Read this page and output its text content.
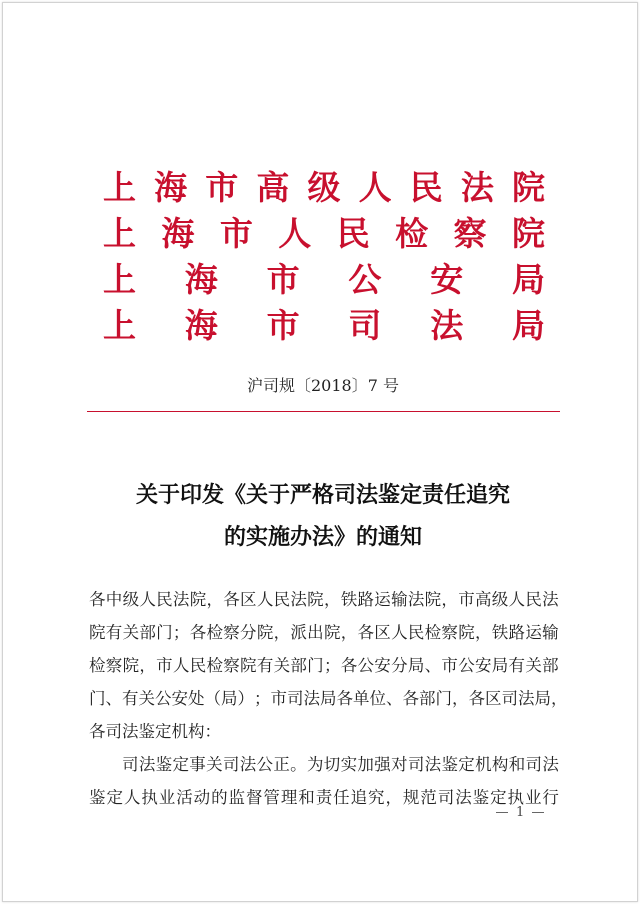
上 海 市 高 级 人 民 法 院
上 海 市 人 民 检 察 院
上 海 市 公 安 局
上 海 市 司 法 局
沪司规〔2018〕7 号
关于印发《关于严格司法鉴定责任追究
的实施办法》的通知
各 中 级 人 民 法 院 ， 各 区 人 民 法 院 ， 铁 路 运 输 法 院 ， 市 高 级 人 民 法
院 有 关 部 门 ； 各 检 察 分 院 ， 派 出 院 ， 各 区 人 民 检 察 院 ， 铁 路 运 输
检 察 院 ， 市 人 民 检 察 院 有 关 部 门 ； 各 公 安 分 局 、 市 公 安 局 有 关 部
门 、 有 关 公 安 处 （ 局 ） ； 市 司 法 局 各 单 位 、 各 部 门 ， 各 区 司 法 局 ，
各 司 法 鉴 定 机 构 ：
司 法 鉴 定 事 关 司 法 公 正 。 为 切 实 加 强 对 司 法 鉴 定 机 构 和 司 法
鉴 定 人 执 业 活 动 的 监 督 管 理 和 责 任 追 究 ， 规 范 司 法 鉴 定 执 业 行
1
